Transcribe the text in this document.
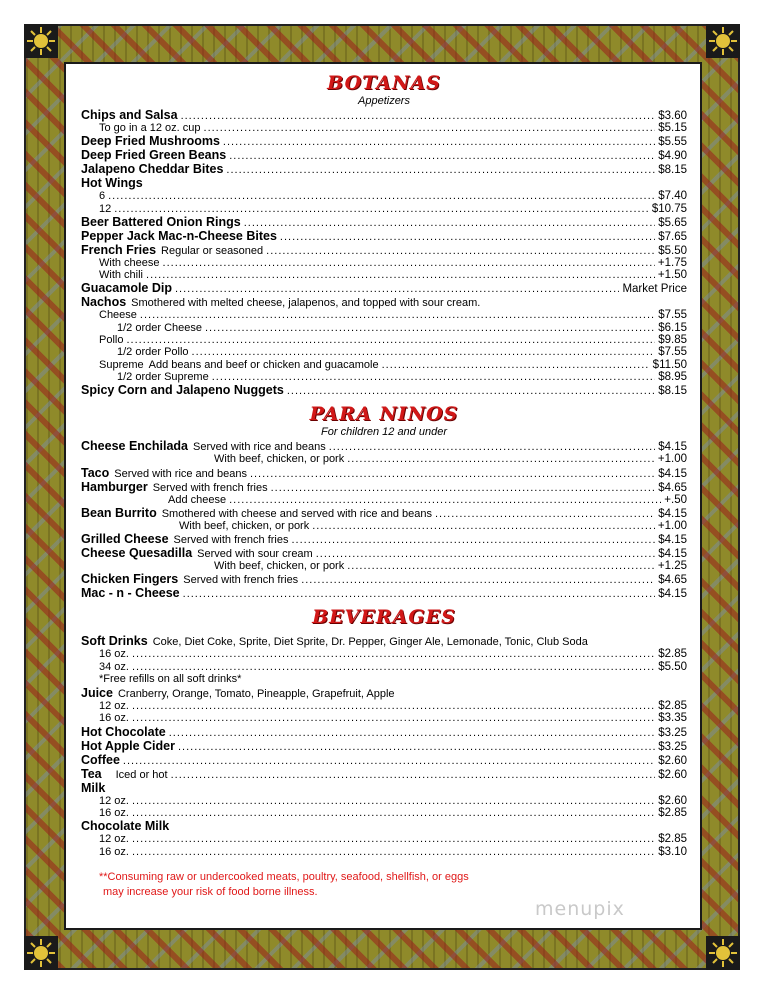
BOTANAS
Appetizers
Chips and Salsa .....	$3.60
To go in a 12 oz. cup .....	$5.15
Deep Fried Mushrooms .....	$5.55
Deep Fried Green Beans .....	$4.90
Jalapeno Cheddar Bites .....	$8.15
Hot Wings
6 .....	$7.40
12 .....	$10.75
Beer Battered Onion Rings .....	$5.65
Pepper Jack Mac-n-Cheese Bites .....	$7.65
French Fries Regular or seasoned .....	$5.50
With cheese .....	+1.75
With chili .....	+1.50
Guacamole Dip .....	Market Price
Nachos Smothered with melted cheese, jalapenos, and topped with sour cream.
Cheese .....	$7.55
1/2 order Cheese .....	$6.15
Pollo .....	$9.85
1/2 order Pollo .....	$7.55
Supreme Add beans and beef or chicken and guacamole .....	$11.50
1/2 order Supreme .....	$8.95
Spicy Corn and Jalapeno Nuggets .....	$8.15
PARA NINOS
For children 12 and under
Cheese Enchilada Served with rice and beans .....	$4.15
With beef, chicken, or pork .....	+1.00
Taco Served with rice and beans .....	$4.15
Hamburger Served with french fries .....	$4.65
Add cheese .....	+.50
Bean Burrito Smothered with cheese and served with rice and beans .....	$4.15
With beef, chicken, or pork .....	+1.00
Grilled Cheese Served with french fries .....	$4.15
Cheese Quesadilla Served with sour cream .....	$4.15
With beef, chicken, or pork .....	+1.25
Chicken Fingers Served with french fries .....	$4.65
Mac - n - Cheese .....	$4.15
BEVERAGES
Soft Drinks Coke, Diet Coke, Sprite, Diet Sprite, Dr. Pepper, Ginger Ale, Lemonade, Tonic, Club Soda
16 oz. .....	$2.85
34 oz. .....	$5.50
*Free refills on all soft drinks*
Juice Cranberry, Orange, Tomato, Pineapple, Grapefruit, Apple
12 oz. .....	$2.85
16 oz. .....	$3.35
Hot Chocolate .....	$3.25
Hot Apple Cider .....	$3.25
Coffee .....	$2.60
Tea Iced or hot .....	$2.60
Milk
12 oz. .....	$2.60
16 oz. .....	$2.85
Chocolate Milk
12 oz. .....	$2.85
16 oz. .....	$3.10
**Consuming raw or undercooked meats, poultry, seafood, shellfish, or eggs
may increase your risk of food borne illness.
menupix
